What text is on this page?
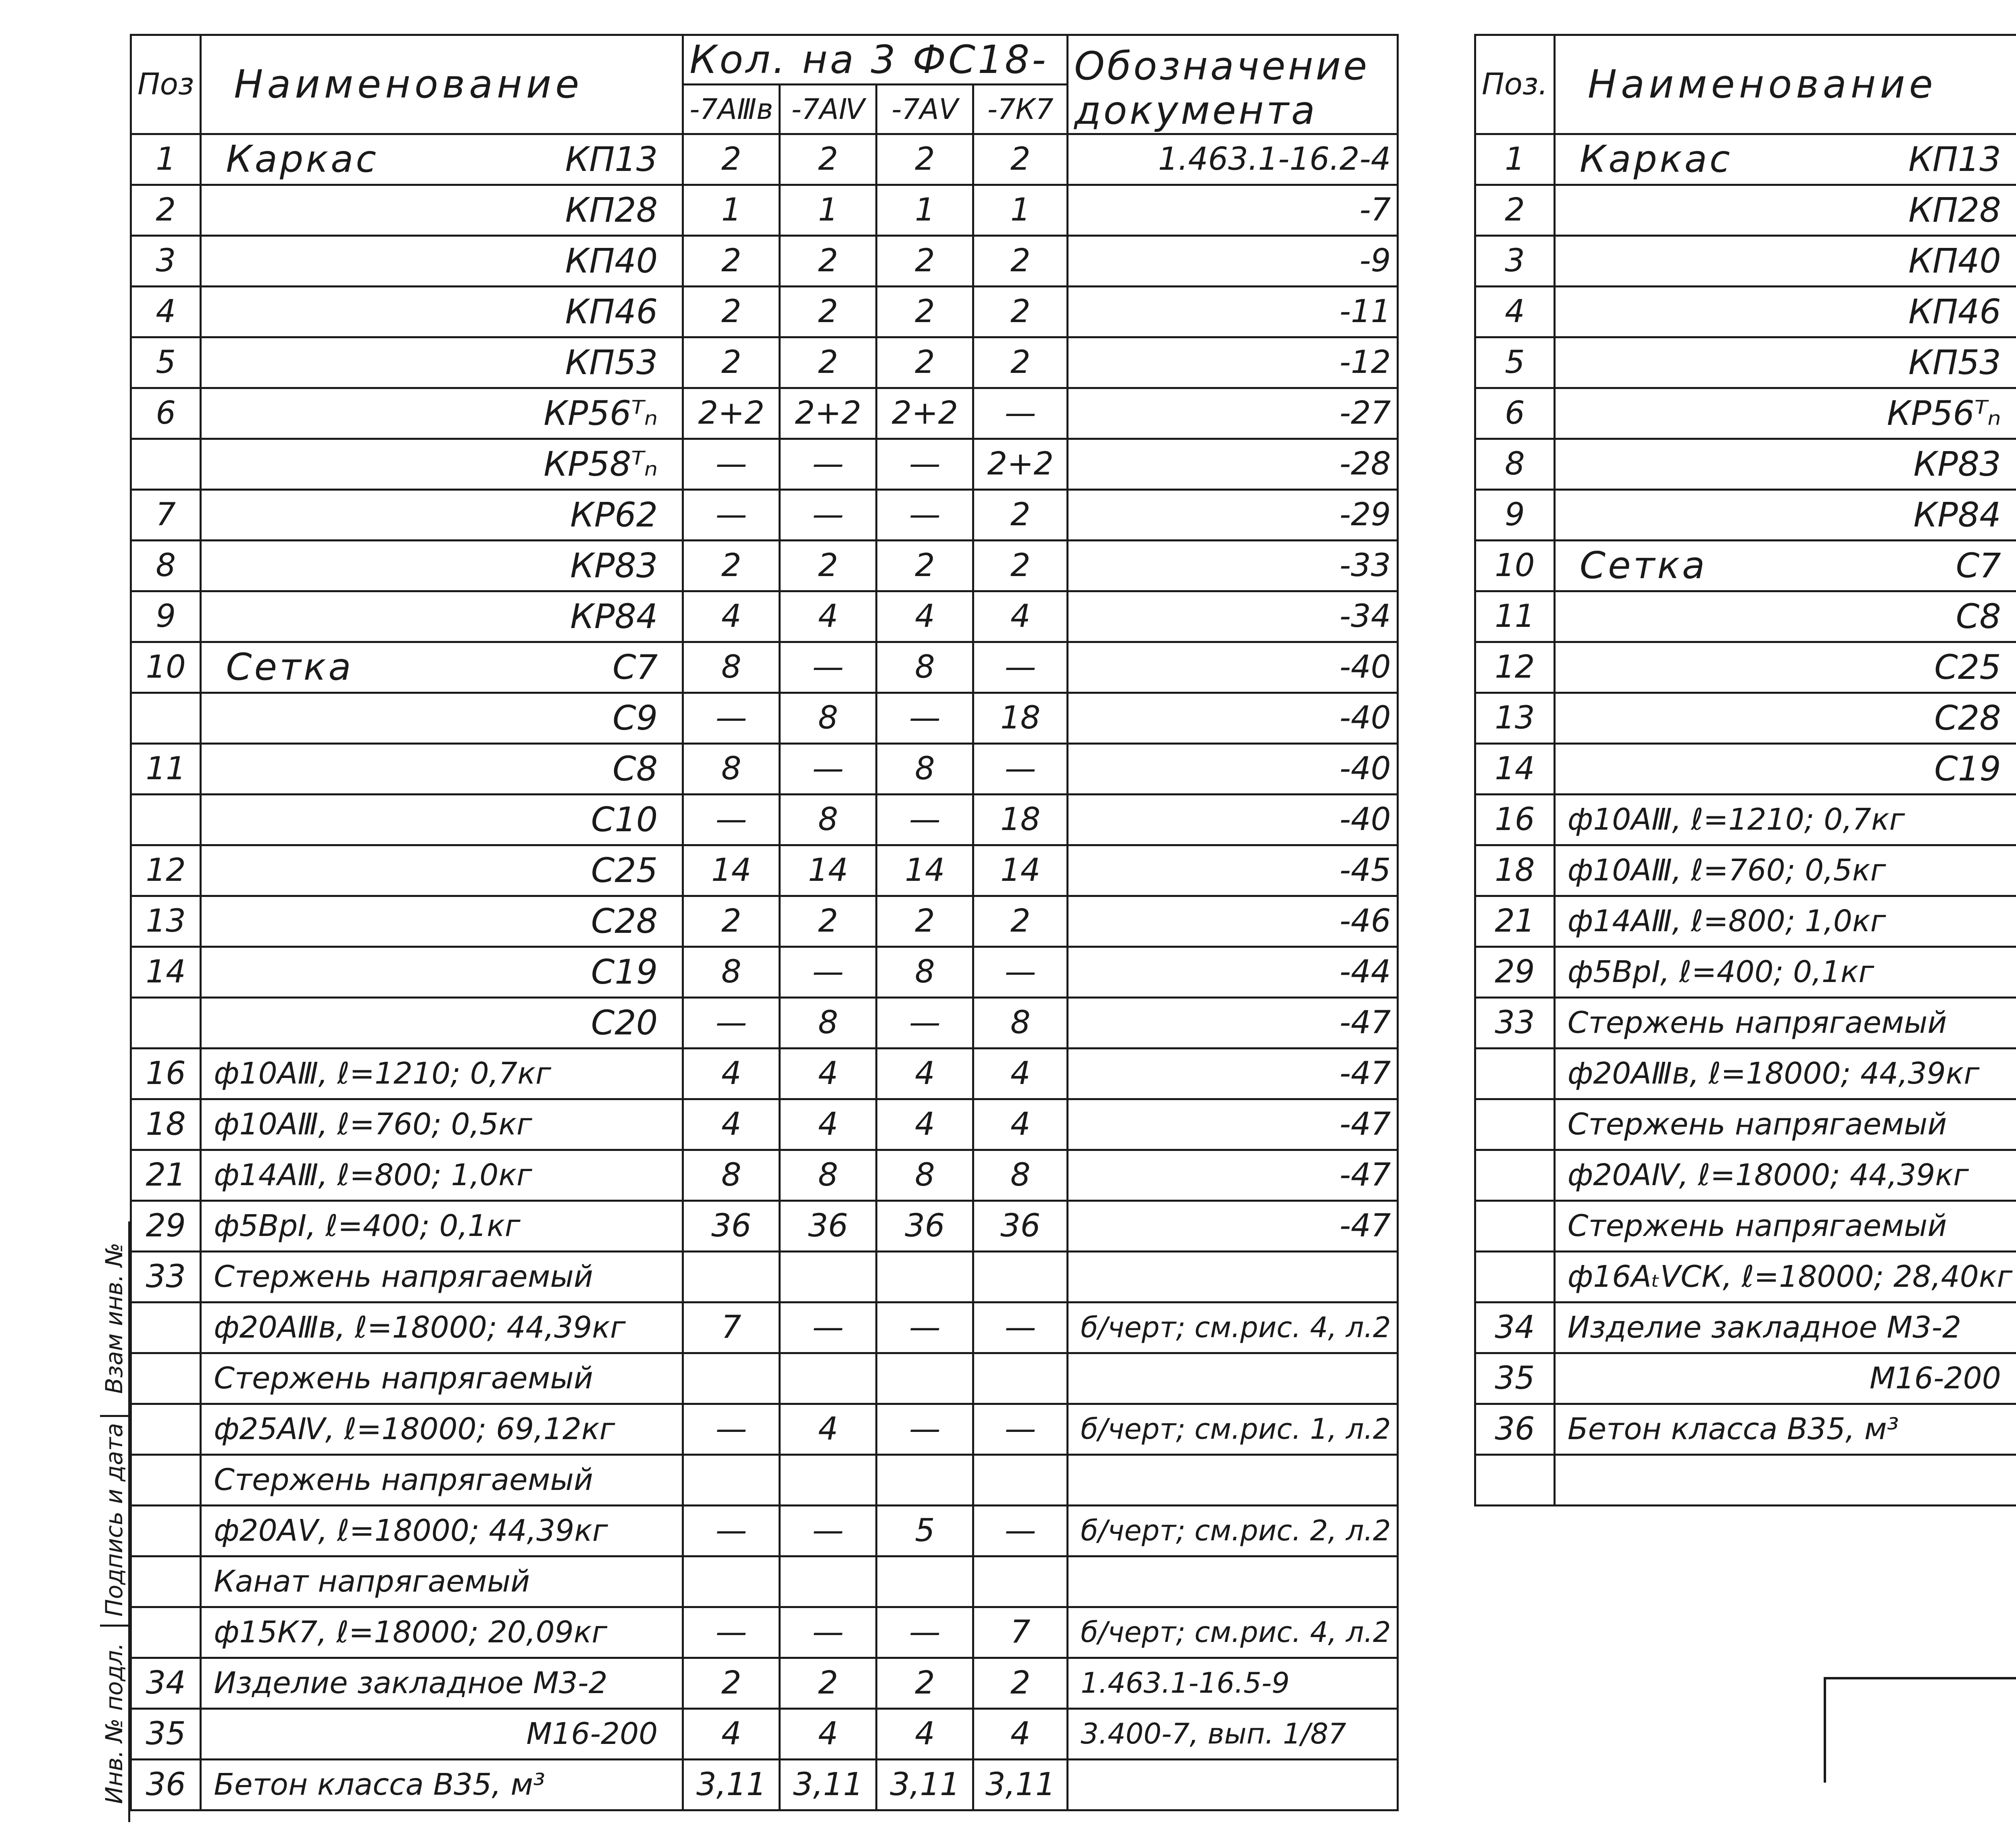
Поз	Наименование	Кол. на 3 ФС18-				Обозначение документа
		-7АⅢв	-7АⅣ	-7АⅤ	-7К7	
1	Каркас КП13	2	2	2	2	1.463.1-16.2-4
2	КП28	1	1	1	1	-7
3	КП40	2	2	2	2	-9
4	КП46	2	2	2	2	-11
5	КП53	2	2	2	2	-12
6	КР56ᵀₙ	2+2	2+2	2+2	—	-27

	КР58ᵀₙ	—	—	—	2+2	-28
7	КР62	—	—	—	2	-29
8	КР83	2	2	2	2	-33
9	КР84	4	4	4	4	-34
10	Сетка С7	8	—	8	—	-40

	С9	—	8	—	18	-40
11	С8	8	—	8	—	-40

	С10	—	8	—	18	-40
12	С25	14	14	14	14	-45
13	С28	2	2	2	2	-46
14	С19	8	—	8	—	-44

	С20	—	8	—	8	-47
16	ф10АⅢ, ℓ=1210; 0,7кг	4	4	4	4	-47
18	ф10АⅢ, ℓ=760; 0,5кг	4	4	4	4	-47
21	ф14АⅢ, ℓ=800; 1,0кг	8	8	8	8	-47
29	ф5ВрⅠ, ℓ=400; 0,1кг	36	36	36	36	-47
33	Стержень напрягаемый					

	ф20АⅢв, ℓ=18000; 44,39кг	7	—	—	—	б/черт; см.рис. 4, л.2

	Стержень напрягаемый					

	ф25АⅣ, ℓ=18000; 69,12кг	—	4	—	—	б/черт; см.рис. 1, л.2

	Стержень напрягаемый					

	ф20АⅤ, ℓ=18000; 44,39кг	—	—	5	—	б/черт; см.рис. 2, л.2

	Канат напрягаемый					

	ф15К7, ℓ=18000; 20,09кг	—	—	—	7	б/черт; см.рис. 4, л.2
34	Изделие закладное М3-2	2	2	2	2	1.463.1-16.5-9
35	М16-200	4	4	4	4	3.400-7, вып. 1/87
36	Бетон класса В35, м³	3,11	3,11	3,11	3,11	
Поз.	Наименование		

1	Каркас КП13

2	КП28

3	КП40

4	КП46

5	КП53

6	КР56ᵀₙ

8	КР83

9	КР84

10	Сетка С7

11	С8

12	С25

13	С28

14	С19

16	ф10АⅢ, ℓ=1210; 0,7кг

18	ф10АⅢ, ℓ=760; 0,5кг

21	ф14АⅢ, ℓ=800; 1,0кг

29	ф5ВрⅠ, ℓ=400; 0,1кг

33	Стержень напрягаемый				

	ф20АⅢв, ℓ=18000; 44,39кг

	Стержень напрягаемый				

	ф20АⅣ, ℓ=18000; 44,39кг

	Стержень напрягаемый				

	ф16АₜⅤСК, ℓ=18000; 28,40кг

34	Изделие закладное М3-2

35	М16-200

36	Бетон класса В35, м³

Взам инв. №
Подпись и дата
Инв. № подл.
